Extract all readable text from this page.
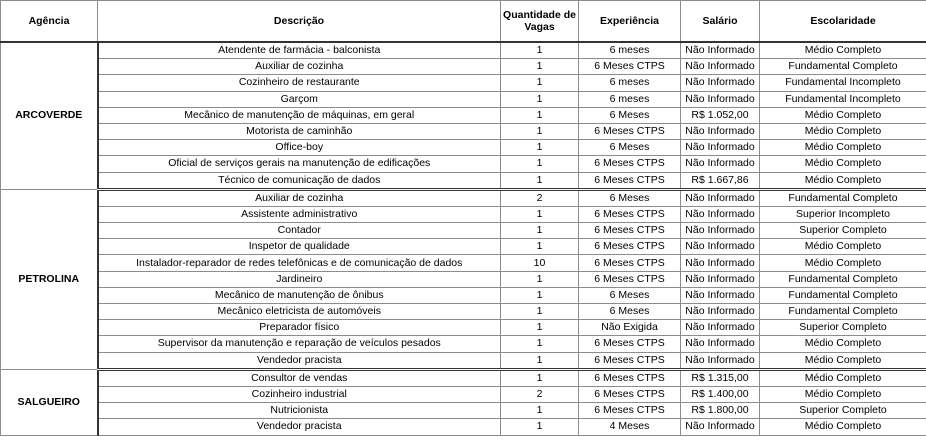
Agência	Descrição	Quantidade de Vagas	Experiência	Salário	Escolaridade
ARCOVERDE	Atendente de farmácia - balconista	1	6 meses	Não Informado	Médio Completo
	Auxiliar de cozinha	1	6 Meses CTPS	Não Informado	Fundamental Completo
	Cozinheiro de restaurante	1	6 meses	Não Informado	Fundamental Incompleto
	Garçom	1	6 meses	Não Informado	Fundamental Incompleto
	Mecânico de manutenção de máquinas, em geral	1	6 Meses	R$ 1.052,00	Médio Completo
	Motorista de caminhão	1	6 Meses CTPS	Não Informado	Médio Completo
	Office-boy	1	6 Meses	Não Informado	Médio Completo
	Oficial de serviços gerais na manutenção de edificações	1	6 Meses CTPS	Não Informado	Médio Completo
	Técnico de comunicação de dados	1	6 Meses CTPS	R$ 1.667,86	Médio Completo
PETROLINA	Auxiliar de cozinha	2	6 Meses	Não Informado	Fundamental Completo
	Assistente administrativo	1	6 Meses CTPS	Não Informado	Superior Incompleto
	Contador	1	6 Meses CTPS	Não Informado	Superior Completo
	Inspetor de qualidade	1	6 Meses CTPS	Não Informado	Médio Completo
	Instalador-reparador de redes telefônicas e de comunicação de dados	10	6 Meses CTPS	Não Informado	Médio Completo
	Jardineiro	1	6 Meses CTPS	Não Informado	Fundamental Completo
	Mecânico de manutenção de ônibus	1	6 Meses	Não Informado	Fundamental Completo
	Mecânico eletricista de automóveis	1	6 Meses	Não Informado	Fundamental Completo
	Preparador físico	1	Não Exigida	Não Informado	Superior Completo
	Supervisor da manutenção e reparação de veículos pesados	1	6 Meses CTPS	Não Informado	Médio Completo
	Vendedor pracista	1	6 Meses CTPS	Não Informado	Médio Completo
SALGUEIRO	Consultor de vendas	1	6 Meses CTPS	R$ 1.315,00	Médio Completo
	Cozinheiro industrial	2	6 Meses CTPS	R$ 1.400,00	Médio Completo
	Nutricionista	1	6 Meses CTPS	R$ 1.800,00	Superior Completo
	Vendedor pracista	1	4 Meses	Não Informado	Médio Completo
